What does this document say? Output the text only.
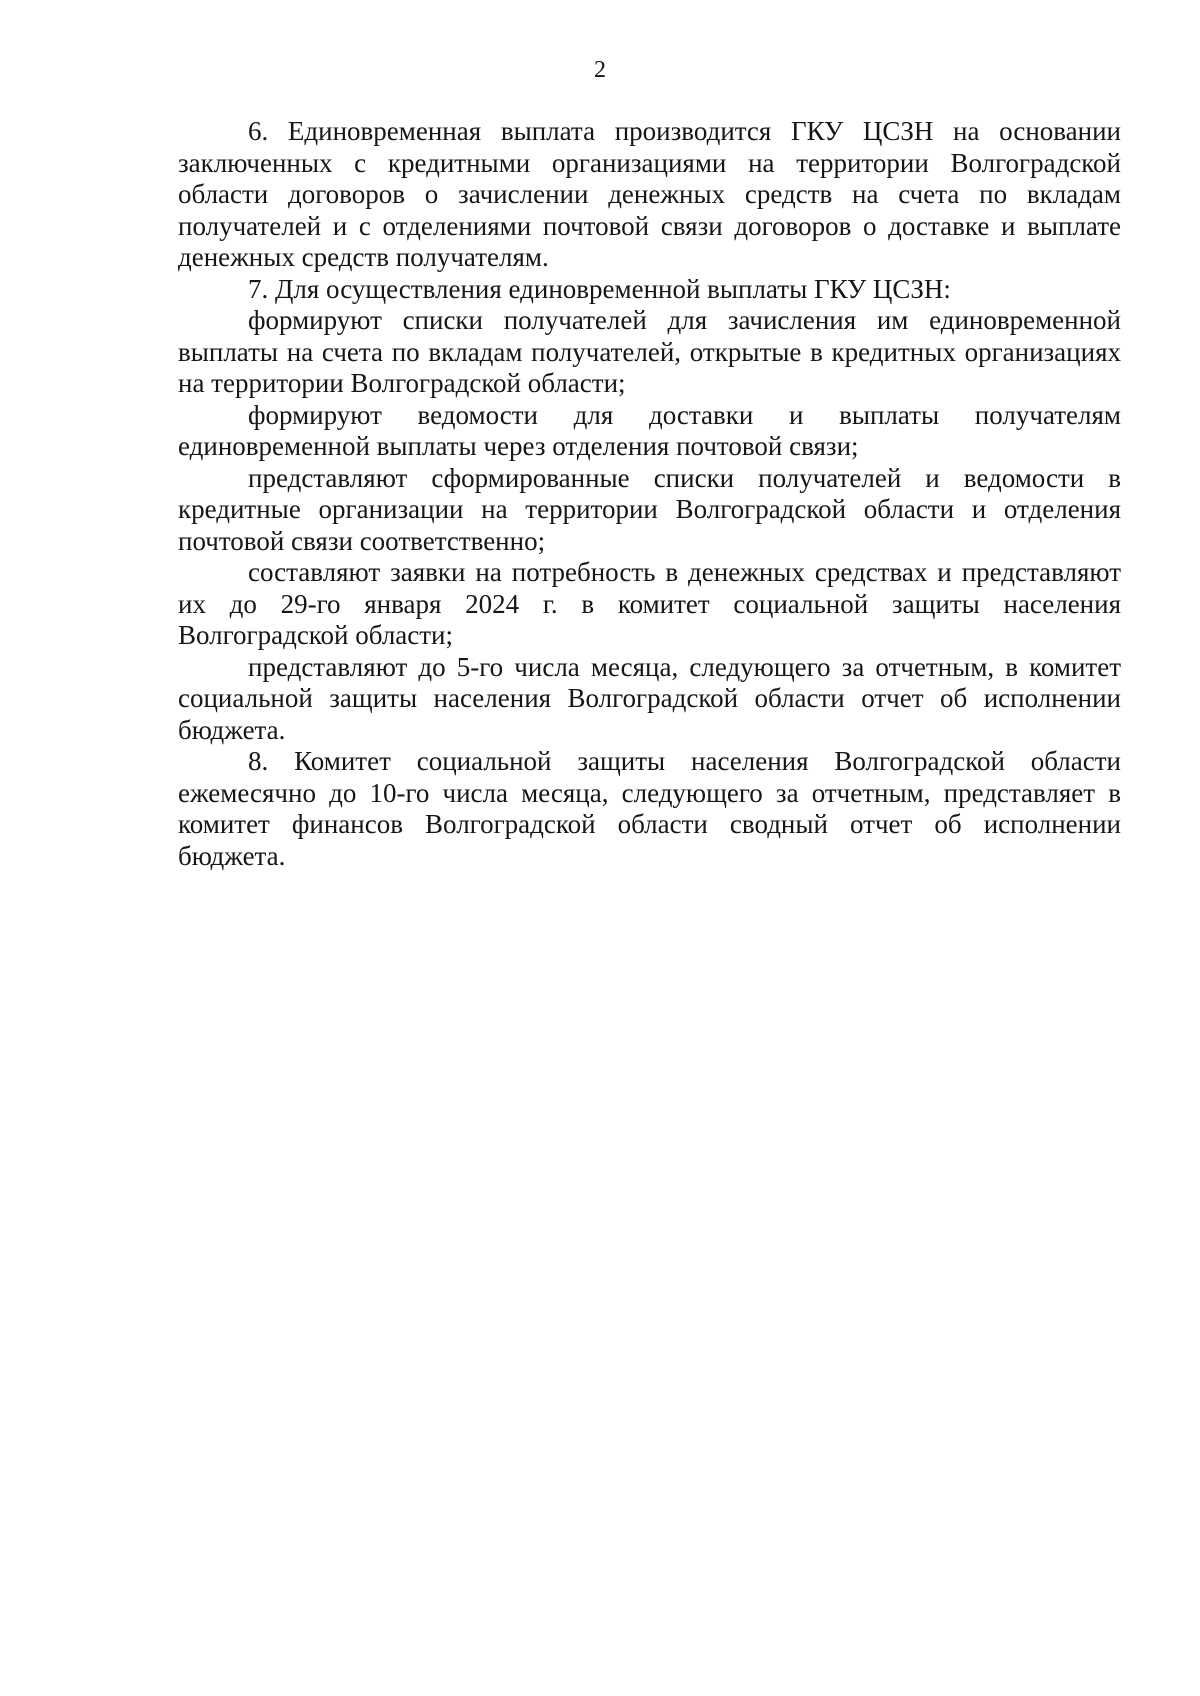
2

6. Единовременная выплата производится ГКУ ЦСЗН на основании заключенных с кредитными организациями на территории Волгоградской области договоров о зачислении денежных средств на счета по вкладам получателей и с отделениями почтовой связи договоров о доставке и выплате денежных средств получателям.

7. Для осуществления единовременной выплаты ГКУ ЦСЗН:

формируют списки получателей для зачисления им единовременной выплаты на счета по вкладам получателей, открытые в кредитных организациях на территории Волгоградской области;

формируют ведомости для доставки и выплаты получателям единовременной выплаты через отделения почтовой связи;

представляют сформированные списки получателей и ведомости в кредитные организации на территории Волгоградской области и отделения почтовой связи соответственно;

составляют заявки на потребность в денежных средствах и представляют их до 29-го января 2024 г. в комитет социальной защиты населения Волгоградской области;

представляют до 5-го числа месяца, следующего за отчетным, в комитет социальной защиты населения Волгоградской области отчет об исполнении бюджета.

8. Комитет социальной защиты населения Волгоградской области ежемесячно до 10-го числа месяца, следующего за отчетным, представляет в комитет финансов Волгоградской области сводный отчет об исполнении бюджета.
